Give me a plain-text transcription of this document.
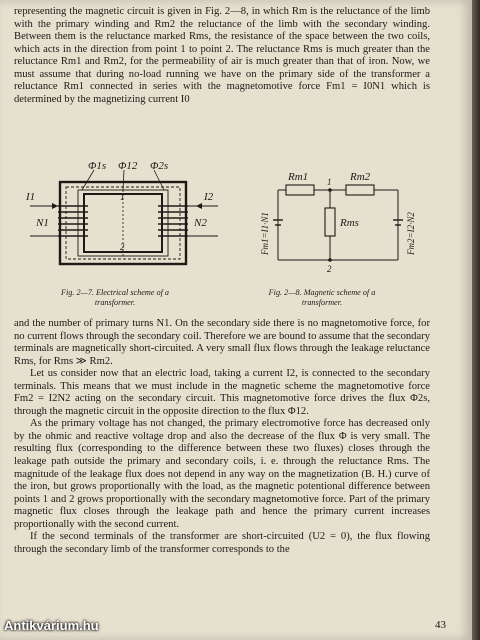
representing the magnetic circuit is given in Fig. 2—8, in which Rm is the reluctance of the limb with the primary winding and Rm2 the reluctance of the limb with the secondary winding. Between them is the reluctance marked Rms, the resistance of the space between the two coils, which acts in the direction from point 1 to point 2. The reluctance Rms is much greater than the reluctance Rm1 and Rm2, for the permeability of air is much greater than that of iron. Now, we must assume that during no-load running we have on the primary side of the transformer a reluctance Rm1 connected in series with the magnetomotive force Fm1 = I0N1 which is determined by the magnetizing current I0

Φ1s Φ12 Φ2s
I1	I2
N1	N2
1
2
Fig. 2—7. Electrical scheme of a transformer.
Rm1	Rm2
Rms
1
2
Fm1=I1·N1	Fm2=I2·N2
Fig. 2—8. Magnetic scheme of a transformer.

and the number of primary turns N1. On the secondary side there is no magnetomotive force, for no current flows through the secondary coil. Therefore we are bound to assume that the secondary terminals are magnetically short-circuited. A very small flux flows through the leakage reluctance Rms, for Rms ≫ Rm2.

Let us consider now that an electric load, taking a current I2, is connected to the secondary terminals. This means that we must include in the magnetic scheme the magnetomotive force Fm2 = I2N2 acting on the secondary circuit. This magnetomotive force drives the flux Φ2s, through the magnetic circuit in the opposite direction to the flux Φ12.

As the primary voltage has not changed, the primary electromotive force has decreased only by the ohmic and reactive voltage drop and also the decrease of the flux Φ is very small. The resulting flux (corresponding to the difference between these two fluxes) closes through the leakage path outside the primary and secondary coils, i. e. through the reluctance Rms. The magnitude of the leakage flux does not depend in any way on the magnetization (B. H.) curve of the iron, but grows proportionally with the load, as the magnetic potentional difference between points 1 and 2 grows proportionally with the secondary magnetomotive force. Part of the primary magnetic flux closes through the leakage path and hence the primary current increases proportionally with the second current.

If the second terminals of the transformer are short-circuited (U2 = 0), the flux flowing through the secondary limb of the transformer corresponds to the

43
Antikvárium.hu
